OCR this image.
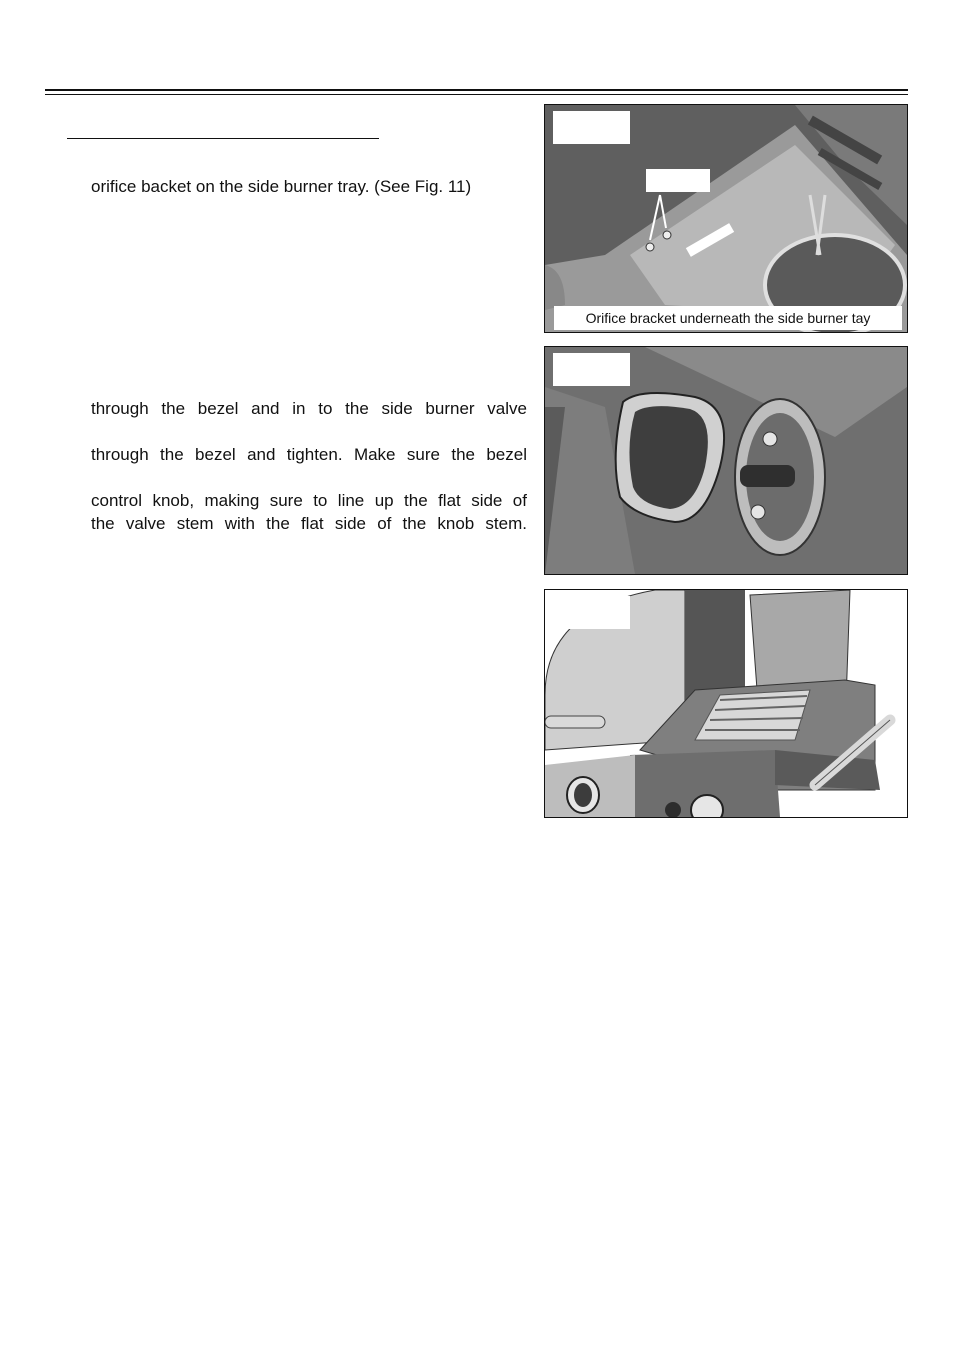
orifice backet on the side burner tray. (See Fig. 11)

through the bezel and in to the side burner valve

through the bezel and tighten. Make sure the bezel

control knob, making sure to line up the flat side of

the valve stem with the flat side of the knob stem.

Orifice bracket underneath the side burner tay
